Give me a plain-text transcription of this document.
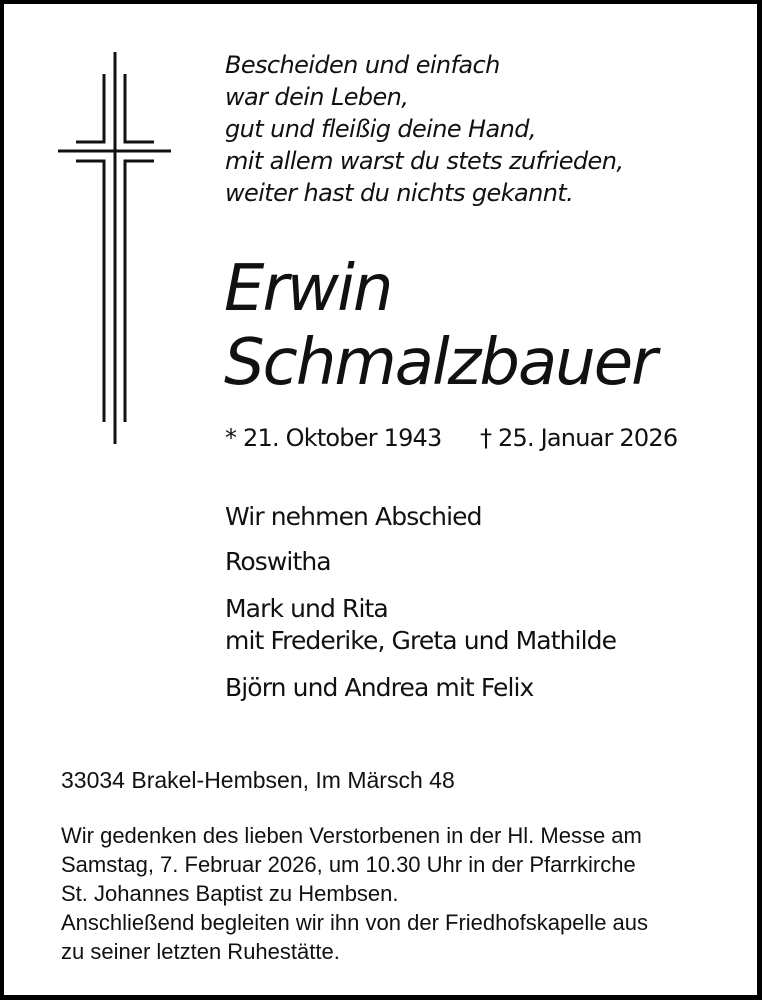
Bescheiden und einfach
war dein Leben,
gut und fleißig deine Hand,
mit allem warst du stets zufrieden,
weiter hast du nichts gekannt.
Erwin
Schmalzbauer
* 21. Oktober 1943 † 25. Januar 2026
Wir nehmen Abschied
Roswitha
Mark und Rita
mit Frederike, Greta und Mathilde
Björn und Andrea mit Felix
33034 Brakel-Hembsen, Im Märsch 48
Wir gedenken des lieben Verstorbenen in der Hl. Messe am
Samstag, 7. Februar 2026, um 10.30 Uhr in der Pfarrkirche
St. Johannes Baptist zu Hembsen.
Anschließend begleiten wir ihn von der Friedhofskapelle aus
zu seiner letzten Ruhestätte.
